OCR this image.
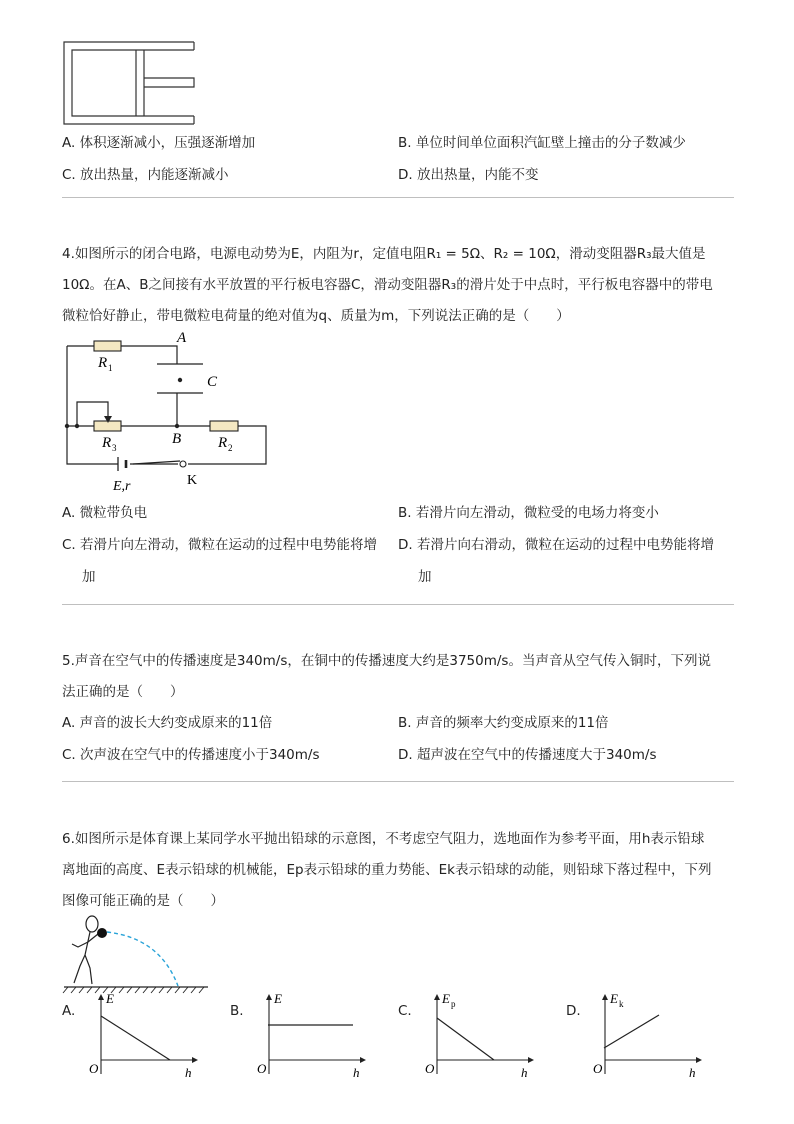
A. 体积逐渐减小，压强逐渐增加	B. 单位时间单位面积汽缸壁上撞击的分子数减少
C. 放出热量，内能逐渐减小	D. 放出热量，内能不变
4.如图所示的闭合电路，电源电动势为E，内阻为r，定值电阻R₁ = 5Ω、R₂ = 10Ω，滑动变阻器R₃最大值是
10Ω。在A、B之间接有水平放置的平行板电容器C，滑动变阻器R₃的滑片处于中点时，平行板电容器中的带电
微粒恰好静止，带电微粒电荷量的绝对值为q、质量为m，下列说法正确的是（　　）
A
C
B
R 1
R 3	R 2
E,r	K
A. 微粒带负电	B. 若滑片向左滑动，微粒受的电场力将变小
C. 若滑片向左滑动，微粒在运动的过程中电势能将增
加
D. 若滑片向右滑动，微粒在运动的过程中电势能将增
加
5.声音在空气中的传播速度是340m/s，在铜中的传播速度大约是3750m/s。当声音从空气传入铜时，下列说
法正确的是（　　）
A. 声音的波长大约变成原来的11倍	B. 声音的频率大约变成原来的11倍
C. 次声波在空气中的传播速度小于340m/s	D. 超声波在空气中的传播速度大于340m/s
6.如图所示是体育课上某同学水平抛出铅球的示意图，不考虑空气阻力，选地面作为参考平面，用h表示铅球
离地面的高度、E表示铅球的机械能，Ep表示铅球的重力势能、Ek表示铅球的动能，则铅球下落过程中，下列
图像可能正确的是（　　）
A.
E
h
O
B.
E
h
O
C.
E p
h
O
D.
E k
h
O
